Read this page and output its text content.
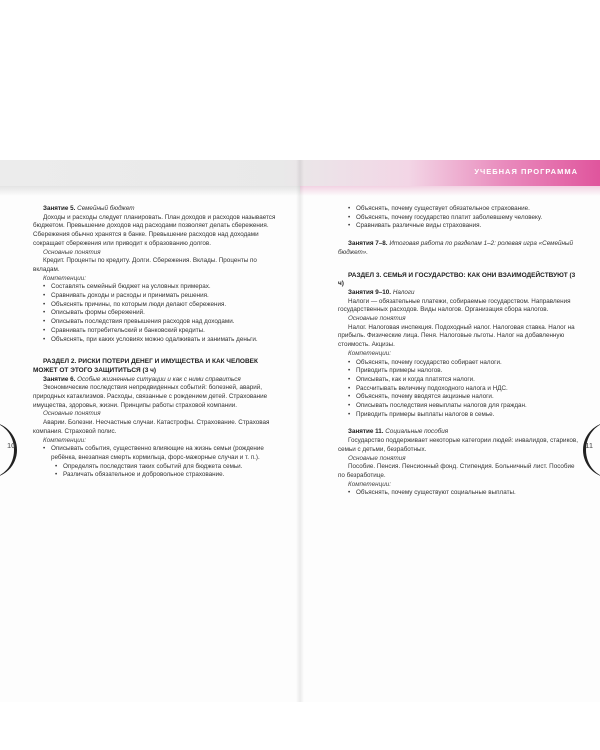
УЧЕБНАЯ ПРОГРАММА
10	11

Занятие 5. Семейный бюджет

Доходы и расходы следует планировать. План доходов и расходов называется бюджетом. Превышение доходов над расходами позволяет делать сбережения. Сбережения обычно хранятся в банке. Превышение расходов над доходами сокращает сбережения или приводит к образованию долгов.

Основные понятия

Кредит. Проценты по кредиту. Долги. Сбережения. Вклады. Проценты по вкладам.

Компетенции:

• Составлять семейный бюджет на условных примерах.
• Сравнивать доходы и расходы и принимать решения.
• Объяснять причины, по которым люди делают сбережения.
• Описывать формы сбережений.
• Описывать последствия превышения расходов над доходами.
• Сравнивать потребительский и банковский кредиты.
• Объяснять, при каких условиях можно одалживать и занимать деньги.

РАЗДЕЛ 2. РИСКИ ПОТЕРИ ДЕНЕГ И ИМУЩЕСТВА И КАК ЧЕЛОВЕК МОЖЕТ ОТ ЭТОГО ЗАЩИТИТЬСЯ (3 ч)

Занятие 6. Особые жизненные ситуации и как с ними справиться

Экономические последствия непредвиденных событий: болезней, аварий, природных катаклизмов. Расходы, связанные с рождением детей. Страхование имущества, здоровья, жизни. Принципы работы страховой компании.

Основные понятия

Аварии. Болезни. Несчастные случаи. Катастрофы. Страхование. Страховая компания. Страховой полис.

Компетенции:

• Описывать события, существенно влияющие на жизнь семьи (рождение ребёнка, внезапная смерть кормильца, форс-мажорные случаи и т. п.).
• Определять последствия таких событий для бюджета семьи.
• Различать обязательное и добровольное страхование.
• Объяснять, почему существует обязательное страхование.
• Объяснять, почему государство платит заболевшему человеку.
• Сравнивать различные виды страхования.

Занятия 7–8. Итоговая работа по разделам 1–2: ролевая игра «Семейный бюджет».

РАЗДЕЛ 3. СЕМЬЯ И ГОСУДАРСТВО: КАК ОНИ ВЗАИМОДЕЙСТВУЮТ (3 ч)

Занятия 9–10. Налоги

Налоги — обязательные платежи, собираемые государством. Направления государственных расходов. Виды налогов. Организация сбора налогов.

Основные понятия

Налог. Налоговая инспекция. Подоходный налог. Налоговая ставка. Налог на прибыль. Физические лица. Пеня. Налоговые льготы. Налог на добавленную стоимость. Акцизы.

Компетенции:

• Объяснять, почему государство собирает налоги.
• Приводить примеры налогов.
• Описывать, как и когда платятся налоги.
• Рассчитывать величину подоходного налога и НДС.
• Объяснять, почему вводятся акцизные налоги.
• Описывать последствия невыплаты налогов для граждан.
• Приводить примеры выплаты налогов в семье.

Занятие 11. Социальные пособия

Государство поддерживает некоторые категории людей: инвалидов, стариков, семьи с детьми, безработных.

Основные понятия

Пособие. Пенсия. Пенсионный фонд. Стипендия. Больничный лист. Пособие по безработице.

Компетенции:

• Объяснять, почему существуют социальные выплаты.
